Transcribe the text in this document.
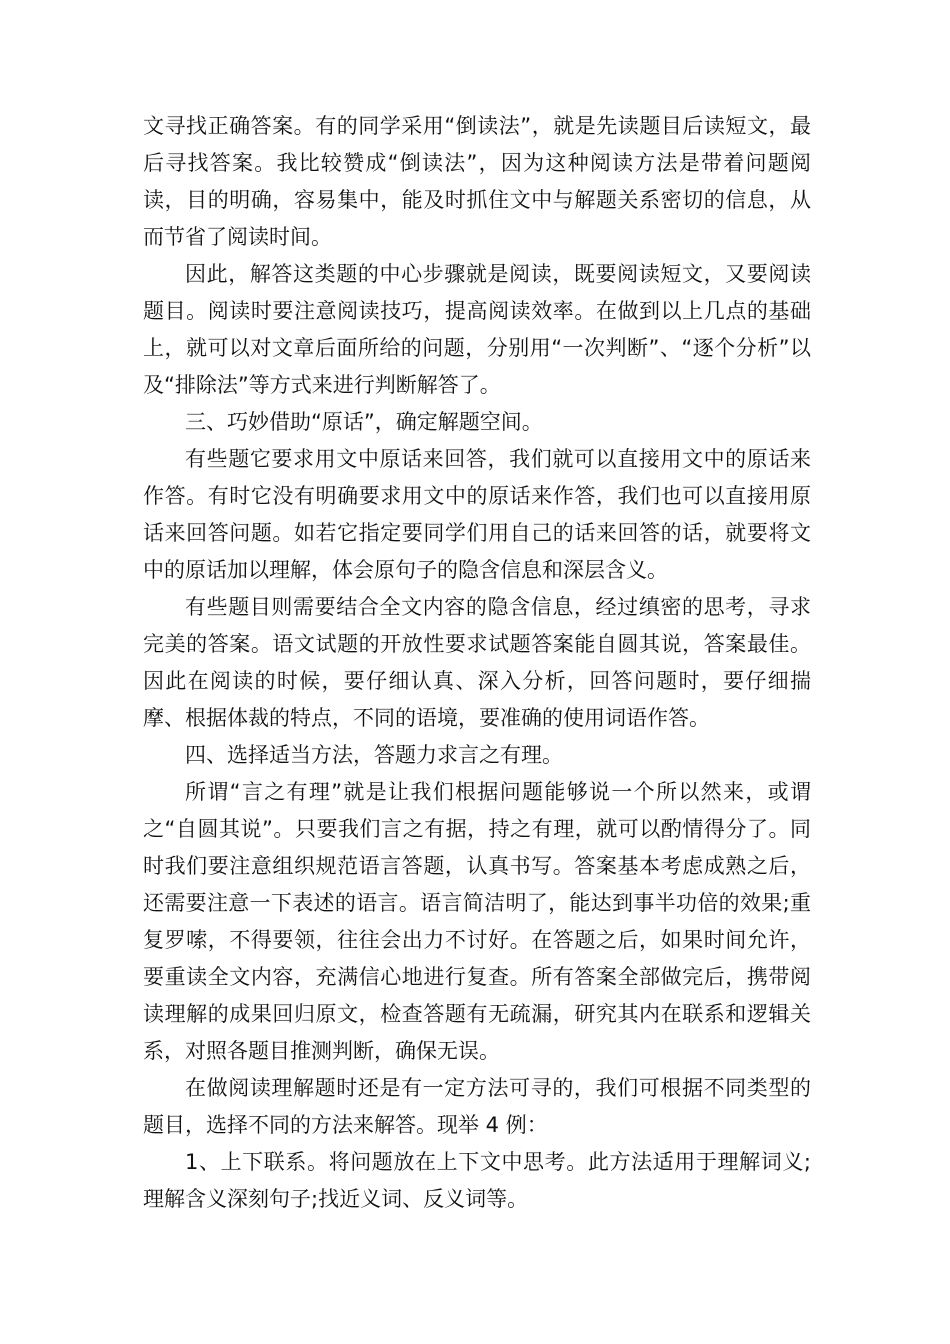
文寻找正确答案。有的同学采用“倒读法”，就是先读题目后读短文，最后寻找答案。我比较赞成“倒读法”，因为这种阅读方法是带着问题阅读，目的明确，容易集中，能及时抓住文中与解题关系密切的信息，从而节省了阅读时间。

因此，解答这类题的中心步骤就是阅读，既要阅读短文，又要阅读题目。阅读时要注意阅读技巧，提高阅读效率。在做到以上几点的基础上，就可以对文章后面所给的问题，分别用“一次判断”、“逐个分析”以及“排除法”等方式来进行判断解答了。

三、巧妙借助“原话”，确定解题空间。

有些题它要求用文中原话来回答，我们就可以直接用文中的原话来作答。有时它没有明确要求用文中的原话来作答，我们也可以直接用原话来回答问题。如若它指定要同学们用自己的话来回答的话，就要将文中的原话加以理解，体会原句子的隐含信息和深层含义。

有些题目则需要结合全文内容的隐含信息，经过缜密的思考，寻求完美的答案。语文试题的开放性要求试题答案能自圆其说，答案最佳。因此在阅读的时候，要仔细认真、深入分析，回答问题时，要仔细揣摩、根据体裁的特点，不同的语境，要准确的使用词语作答。

四、选择适当方法，答题力求言之有理。

所谓“言之有理”就是让我们根据问题能够说一个所以然来，或谓之“自圆其说”。只要我们言之有据，持之有理，就可以酌情得分了。同时我们要注意组织规范语言答题，认真书写。答案基本考虑成熟之后，还需要注意一下表述的语言。语言简洁明了，能达到事半功倍的效果;重复罗嗦，不得要领，往往会出力不讨好。在答题之后，如果时间允许，要重读全文内容，充满信心地进行复查。所有答案全部做完后，携带阅读理解的成果回归原文，检查答题有无疏漏，研究其内在联系和逻辑关系，对照各题目推测判断，确保无误。

在做阅读理解题时还是有一定方法可寻的，我们可根据不同类型的题目，选择不同的方法来解答。现举 4 例：

1、上下联系。将问题放在上下文中思考。此方法适用于理解词义;理解含义深刻句子;找近义词、反义词等。
